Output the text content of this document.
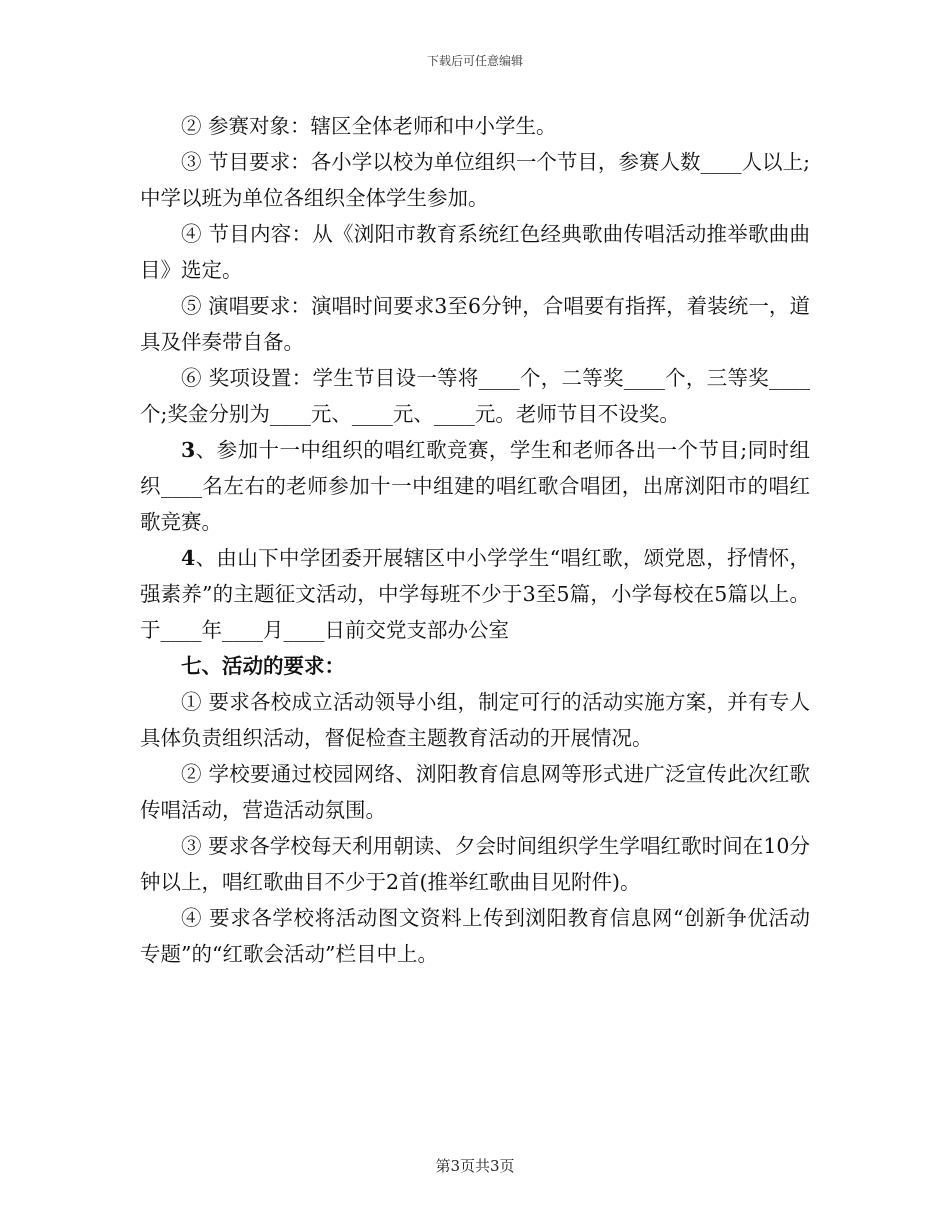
下载后可任意编辑

② 参赛对象：辖区全体老师和中小学生。

③ 节目要求：各小学以校为单位组织一个节目，参赛人数____人以上;中学以班为单位各组织全体学生参加。

④ 节目内容：从《浏阳市教育系统红色经典歌曲传唱活动推举歌曲曲目》选定。

⑤ 演唱要求：演唱时间要求3至6分钟，合唱要有指挥，着装统一，道具及伴奏带自备。

⑥ 奖项设置：学生节目设一等将____个，二等奖____个，三等奖____个;奖金分别为____元、____元、____元。老师节目不设奖。

3、参加十一中组织的唱红歌竞赛，学生和老师各出一个节目;同时组织____名左右的老师参加十一中组建的唱红歌合唱团，出席浏阳市的唱红歌竞赛。

4、由山下中学团委开展辖区中小学学生“唱红歌，颂党恩，抒情怀，强素养”的主题征文活动，中学每班不少于3至5篇，小学每校在5篇以上。于____年____月____日前交党支部办公室

七、活动的要求：

① 要求各校成立活动领导小组，制定可行的活动实施方案，并有专人具体负责组织活动，督促检查主题教育活动的开展情况。

② 学校要通过校园网络、浏阳教育信息网等形式进广泛宣传此次红歌传唱活动，营造活动氛围。

③ 要求各学校每天利用朝读、夕会时间组织学生学唱红歌时间在10分钟以上，唱红歌曲目不少于2首(推举红歌曲目见附件)。

④ 要求各学校将活动图文资料上传到浏阳教育信息网“创新争优活动专题”的“红歌会活动”栏目中上。

第3页共3页
